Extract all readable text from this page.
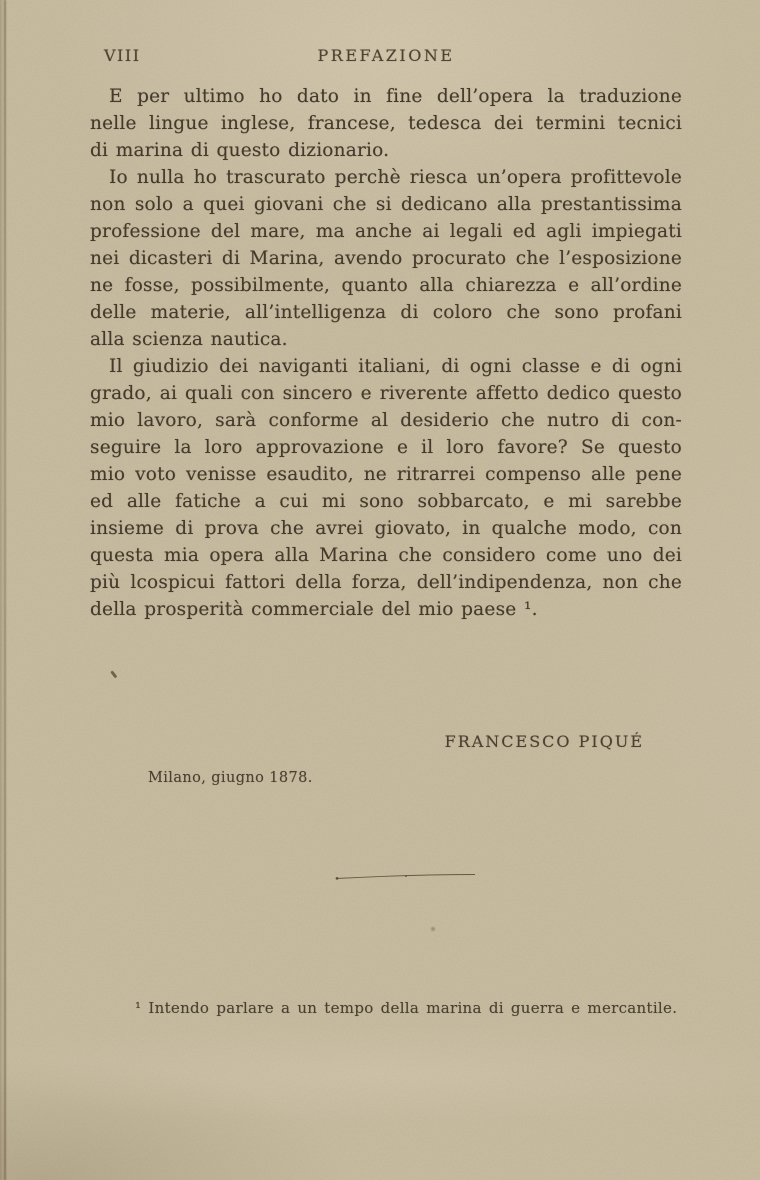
VIII	PREFAZIONE
E per ultimo ho dato in fine dell’opera la traduzione
nelle lingue inglese, francese, tedesca dei termini tecnici
di marina di questo dizionario.
Io nulla ho trascurato perchè riesca un’opera profittevole
non solo a quei giovani che si dedicano alla prestantissima
professione del mare, ma anche ai legali ed agli impiegati
nei dicasteri di Marina, avendo procurato che l’esposizione
ne fosse, possibilmente, quanto alla chiarezza e all’ordine
delle materie, all’intelligenza di coloro che sono profani
alla scienza nautica.
Il giudizio dei naviganti italiani, di ogni classe e di ogni
grado, ai quali con sincero e riverente affetto dedico questo
mio lavoro, sarà conforme al desiderio che nutro di con-
seguire la loro approvazione e il loro favore? Se questo
mio voto venisse esaudito, ne ritrarrei compenso alle pene
ed alle fatiche a cui mi sono sobbarcato, e mi sarebbe
insieme di prova che avrei giovato, in qualche modo, con
questa mia opera alla Marina che considero come uno dei
più lcospicui fattori della forza, dell’indipendenza, non che
della prosperità commerciale del mio paese ¹.
FRANCESCO PIQUÉ
Milano, giugno 1878.
¹ Intendo parlare a un tempo della marina di guerra e mercantile.
